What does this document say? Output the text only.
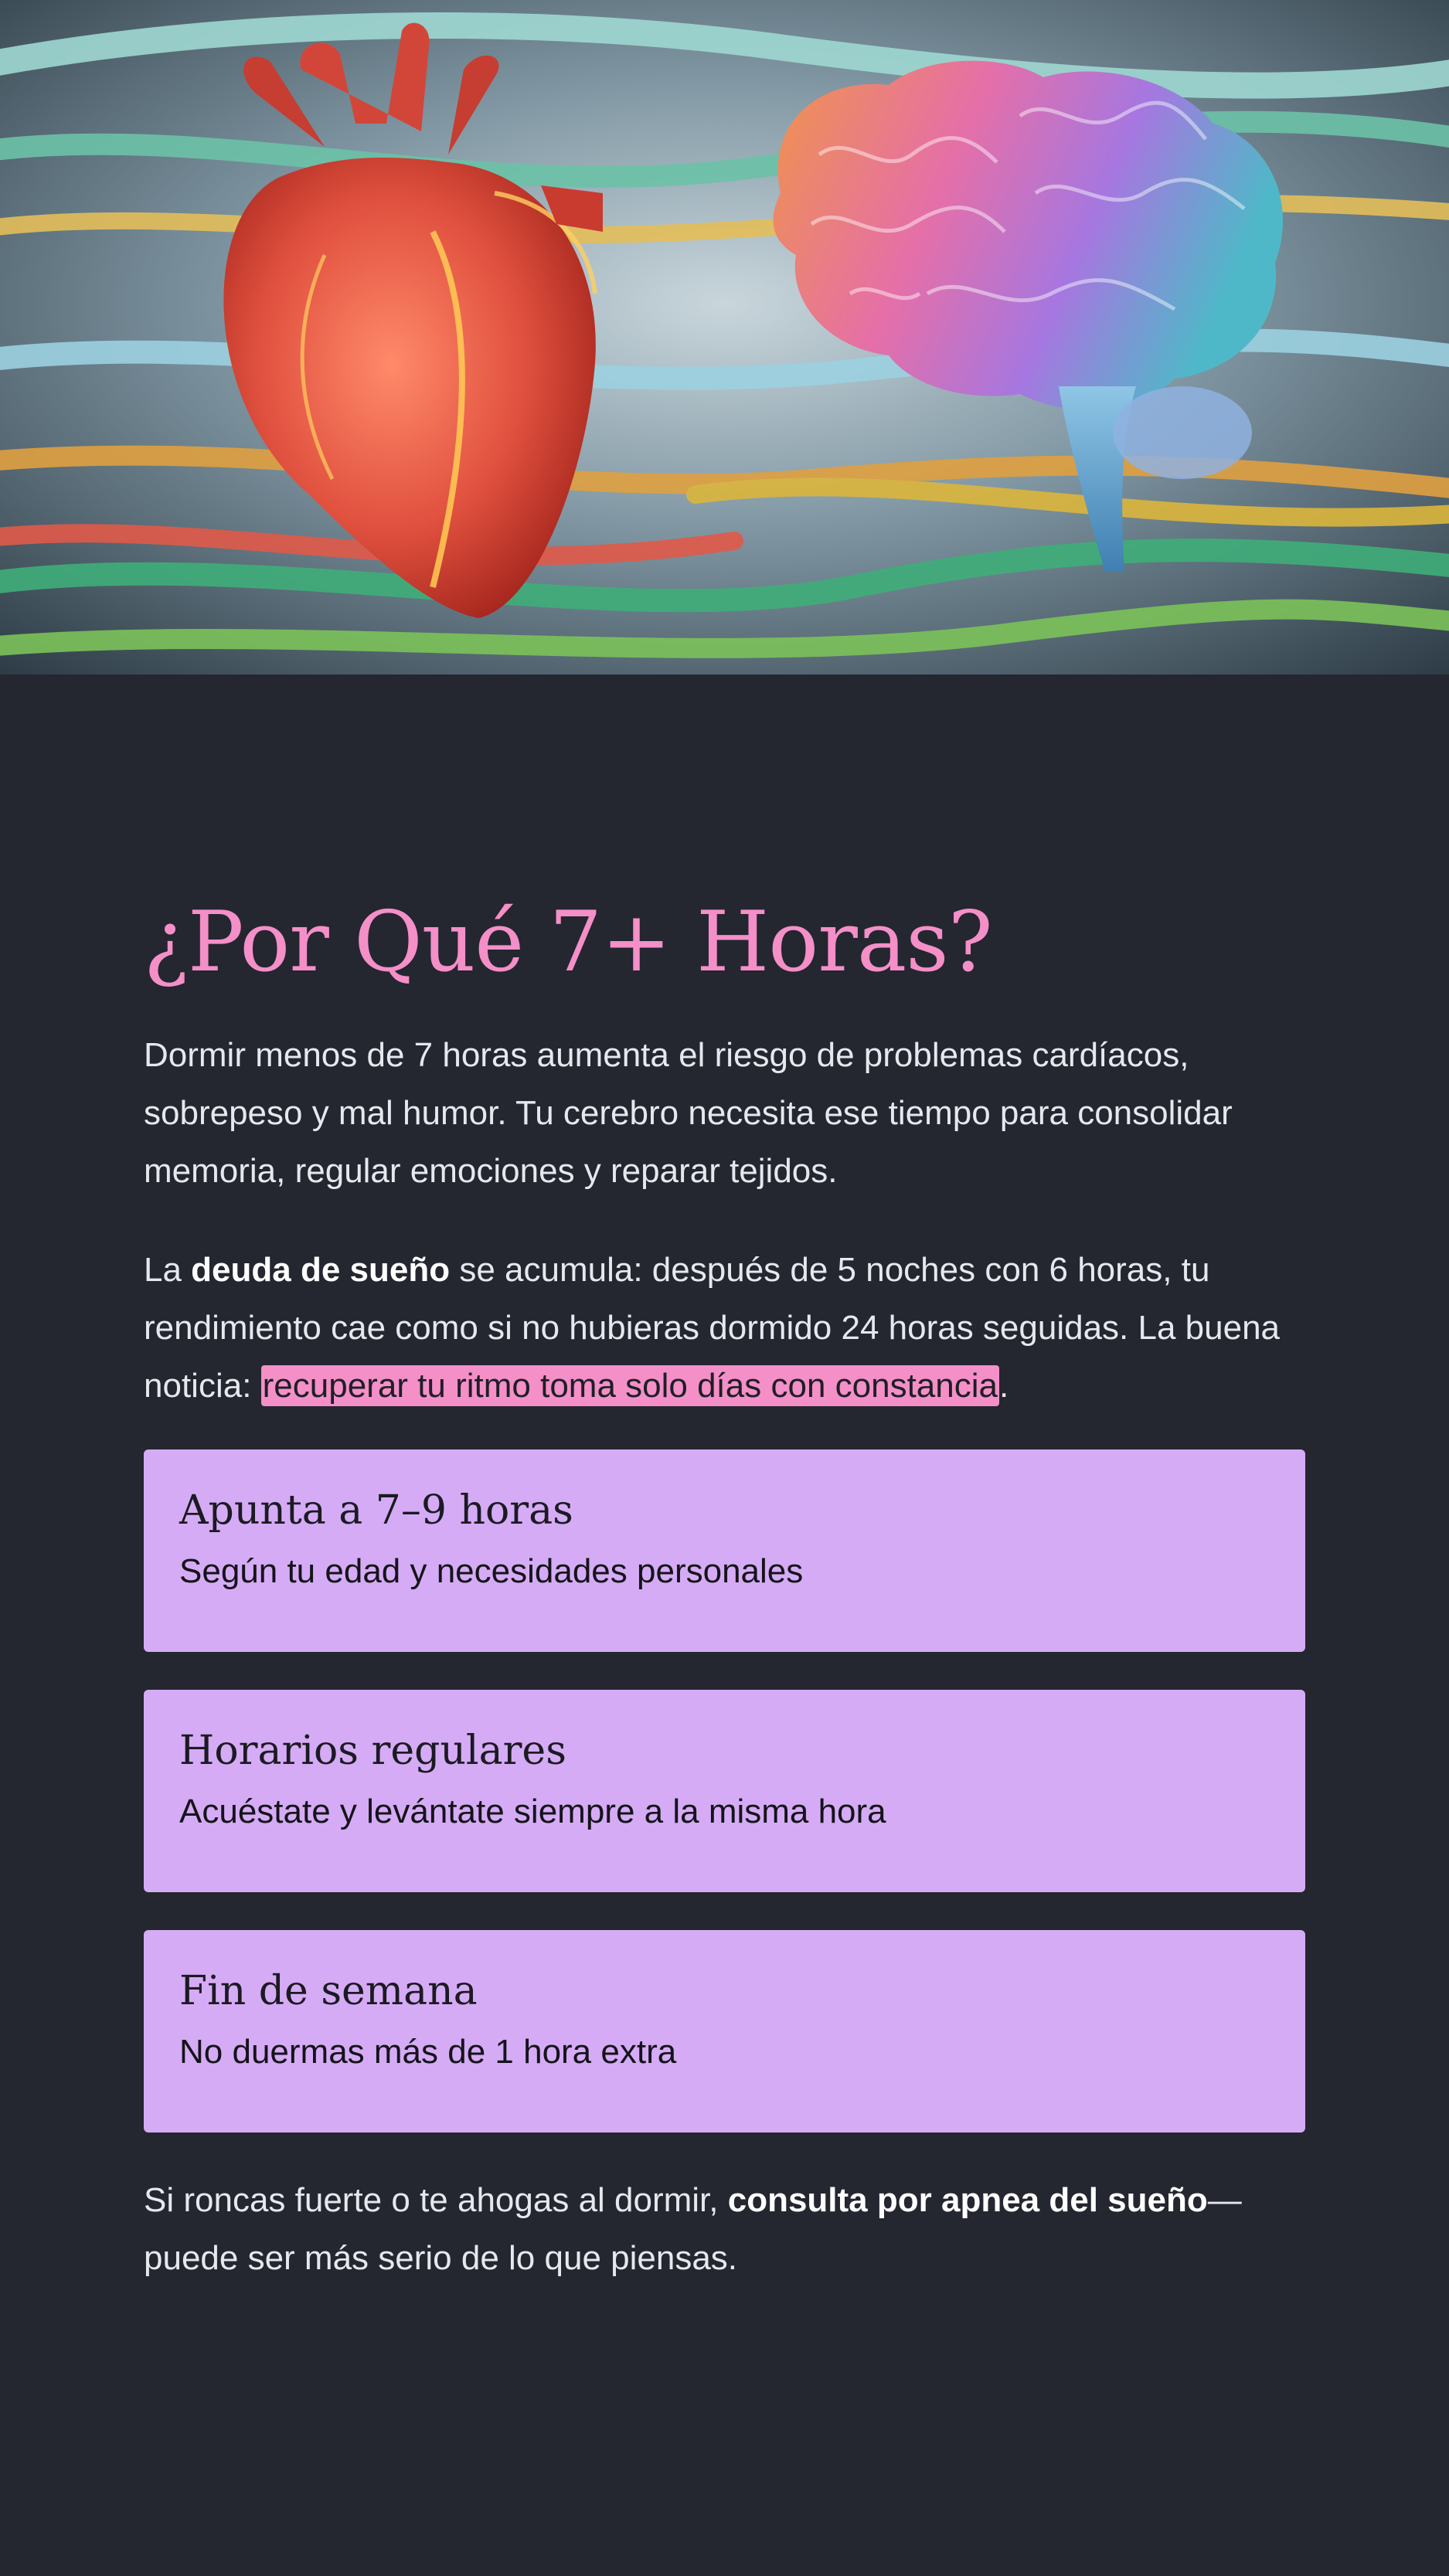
¿Por Qué 7+ Horas?

Dormir menos de 7 horas aumenta el riesgo de problemas cardíacos, sobrepeso y mal humor. Tu cerebro necesita ese tiempo para consolidar memoria, regular emociones y reparar tejidos.

La deuda de sueño se acumula: después de 5 noches con 6 horas, tu rendimiento cae como si no hubieras dormido 24 horas seguidas. La buena noticia: recuperar tu ritmo toma solo días con constancia.

Apunta a 7–9 horas

Según tu edad y necesidades personales

Horarios regulares

Acuéstate y levántate siempre a la misma hora

Fin de semana

No duermas más de 1 hora extra

Si roncas fuerte o te ahogas al dormir, consulta por apnea del sueño—puede ser más serio de lo que piensas.
